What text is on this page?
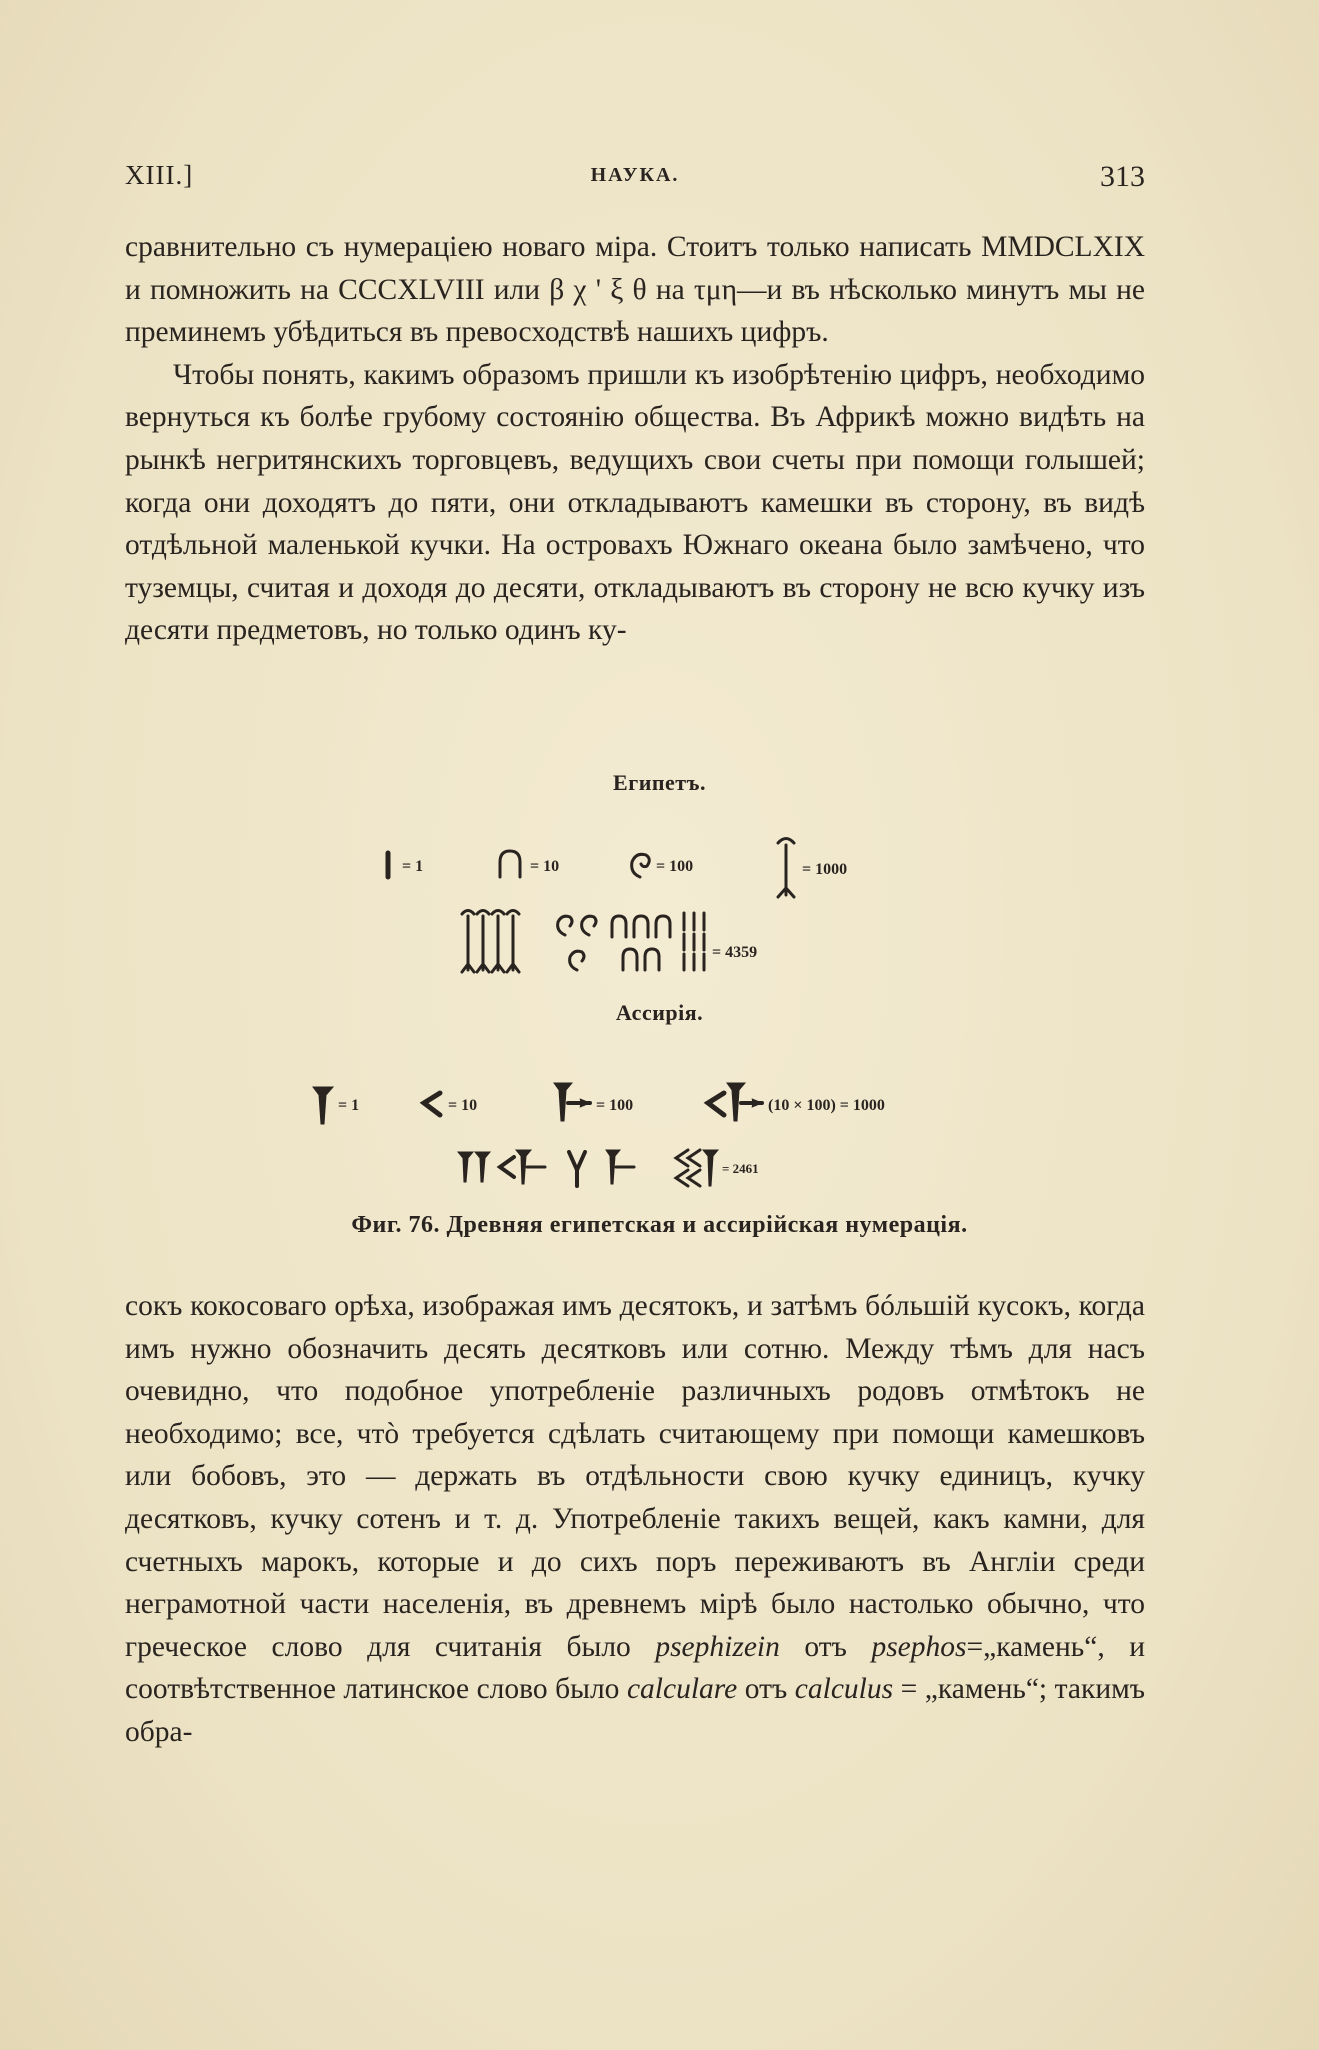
XIII.]	НАУКА.	313

сравнительно съ нумераціею новаго міра. Стоитъ только написать MMDCLXIX и помножить на CCCXLVIII или β χ ' ξ θ на τμη—и въ нѣсколько минутъ мы не преминемъ убѣдиться въ превосходствѣ нашихъ цифръ.

Чтобы понять, какимъ образомъ пришли къ изобрѣтенію цифръ, необходимо вернуться къ болѣе грубому состоянію общества. Въ Африкѣ можно видѣть на рынкѣ негритянскихъ торговцевъ, ведущихъ свои счеты при помощи голышей; когда они доходятъ до пяти, они откладываютъ камешки въ сторону, въ видѣ отдѣльной маленькой кучки. На островахъ Южнаго океана было замѣчено, что туземцы, считая и доходя до десяти, откладываютъ въ сторону не всю кучку изъ десяти предметовъ, но только одинъ ку-

Египетъ.
Ассирія.
= 1	= 10	= 100	= 1000
= 4359
= 1	= 10	= 100	(10 × 100) = 1000
= 2461
Фиг. 76. Древняя египетская и ассирійская нумерація.

сокъ кокосоваго орѣха, изображая имъ десятокъ, и затѣмъ бóльшій кусокъ, когда имъ нужно обозначить десять десятковъ или сотню. Между тѣмъ для насъ очевидно, что подобное употребленіе различныхъ родовъ отмѣтокъ не необходимо; все, чтò требуется сдѣлать считающему при помощи камешковъ или бобовъ, это — держать въ отдѣльности свою кучку единицъ, кучку десятковъ, кучку сотенъ и т. д. Употребленіе такихъ вещей, какъ камни, для счетныхъ марокъ, которые и до сихъ поръ переживаютъ въ Англіи среди неграмотной части населенія, въ древнемъ мірѣ было настолько обычно, что греческое слово для считанія было psephizein отъ psephos=„камень“, и соотвѣтственное латинское слово было calculare отъ calculus = „камень“; такимъ обра-
